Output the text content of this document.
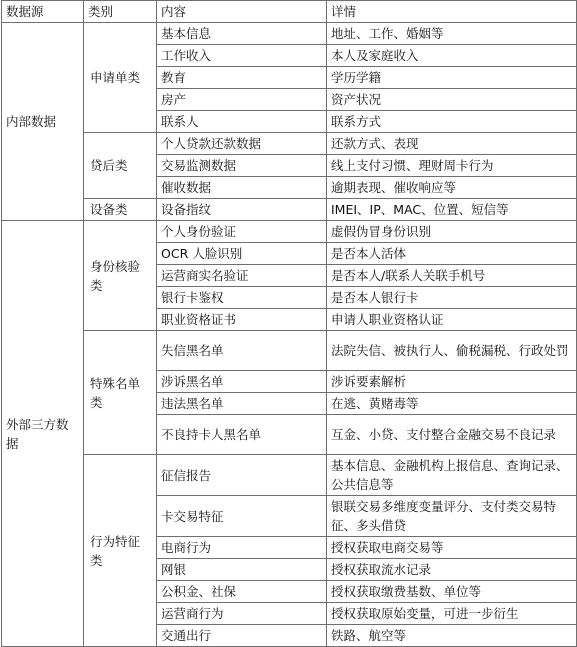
数据源	类别	内容	详情
内部数据	申请单类	基本信息	地址、工作、婚姻等
		工作收入	本人及家庭收入
		教育	学历学籍
		房产	资产状况
		联系人	联系方式
	贷后类	个人贷款还款数据	还款方式、表现
		交易监测数据	线上支付习惯、理财周卡行为
		催收数据	逾期表现、催收响应等
	设备类	设备指纹	IMEI、IP、MAC、位置、短信等
外部三方数据	身份核验类	个人身份验证	虚假伪冒身份识别
		OCR 人脸识别	是否本人活体
		运营商实名验证	是否本人/联系人关联手机号
		银行卡鉴权	是否本人银行卡
		职业资格证书	申请人职业资格认证
	特殊名单类	失信黑名单	法院失信、被执行人、偷税漏税、行政处罚
		涉诉黑名单	涉诉要素解析
		违法黑名单	在逃、黄赌毒等
		不良持卡人黑名单	互金、小贷、支付整合金融交易不良记录
	行为特征类	征信报告	基本信息、金融机构上报信息、查询记录、公共信息等
		卡交易特征	银联交易多维度变量评分、支付类交易特征、多头借贷
		电商行为	授权获取电商交易等
		网银	授权获取流水记录
		公积金、社保	授权获取缴费基数、单位等
		运营商行为	授权获取原始变量，可进一步衍生
		交通出行	铁路、航空等
